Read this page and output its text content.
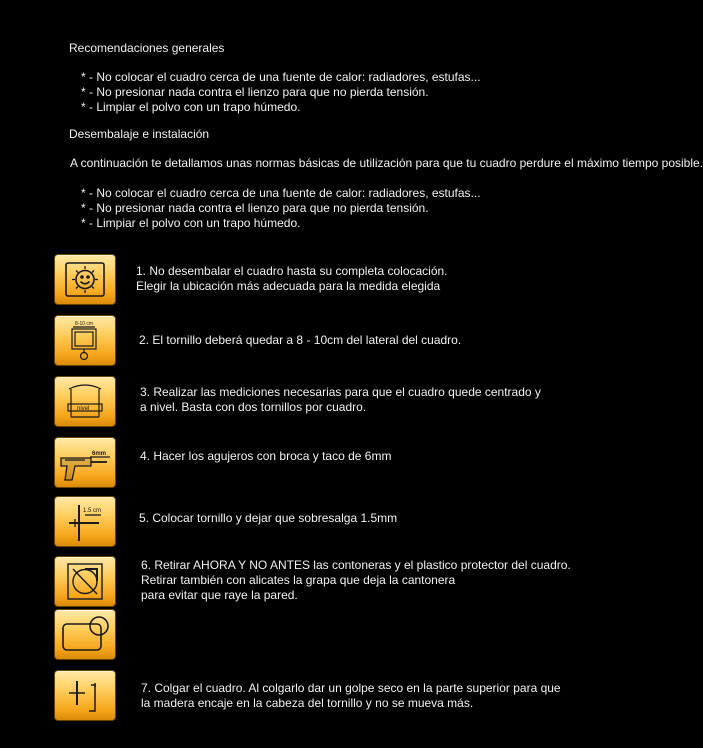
Recomendaciones generales
* - No colocar el cuadro cerca de una fuente de calor: radiadores, estufas...
* - No presionar nada contra el lienzo para que no pierda tensión.
* - Limpiar el polvo con un trapo húmedo.
Desembalaje e instalación
A continuación te detallamos unas normas básicas de utilización para que tu cuadro perdure el máximo tiempo posible.
* - No colocar el cuadro cerca de una fuente de calor: radiadores, estufas...
* - No presionar nada contra el lienzo para que no pierda tensión.
* - Limpiar el polvo con un trapo húmedo.
1. No desembalar el cuadro hasta su completa colocación.
Elegir la ubicación más adecuada para la medida elegida
8-10 cm
2. El tornillo deberá quedar a 8 - 10cm del lateral del cuadro.
nivel
3. Realizar las mediciones necesarias para que el cuadro quede centrado y
a nivel. Basta con dos tornillos por cuadro.
6mm	4. Hacer los agujeros con broca y taco de 6mm
1.5 cm	5. Colocar tornillo y dejar que sobresalga 1.5mm
6. Retirar AHORA Y NO ANTES las contoneras y el plastico protector del cuadro.
Retirar también con alicates la grapa que deja la cantonera
para evitar que raye la pared.
7. Colgar el cuadro. Al colgarlo dar un golpe seco en la parte superior para que
la madera encaje en la cabeza del tornillo y no se mueva más.
